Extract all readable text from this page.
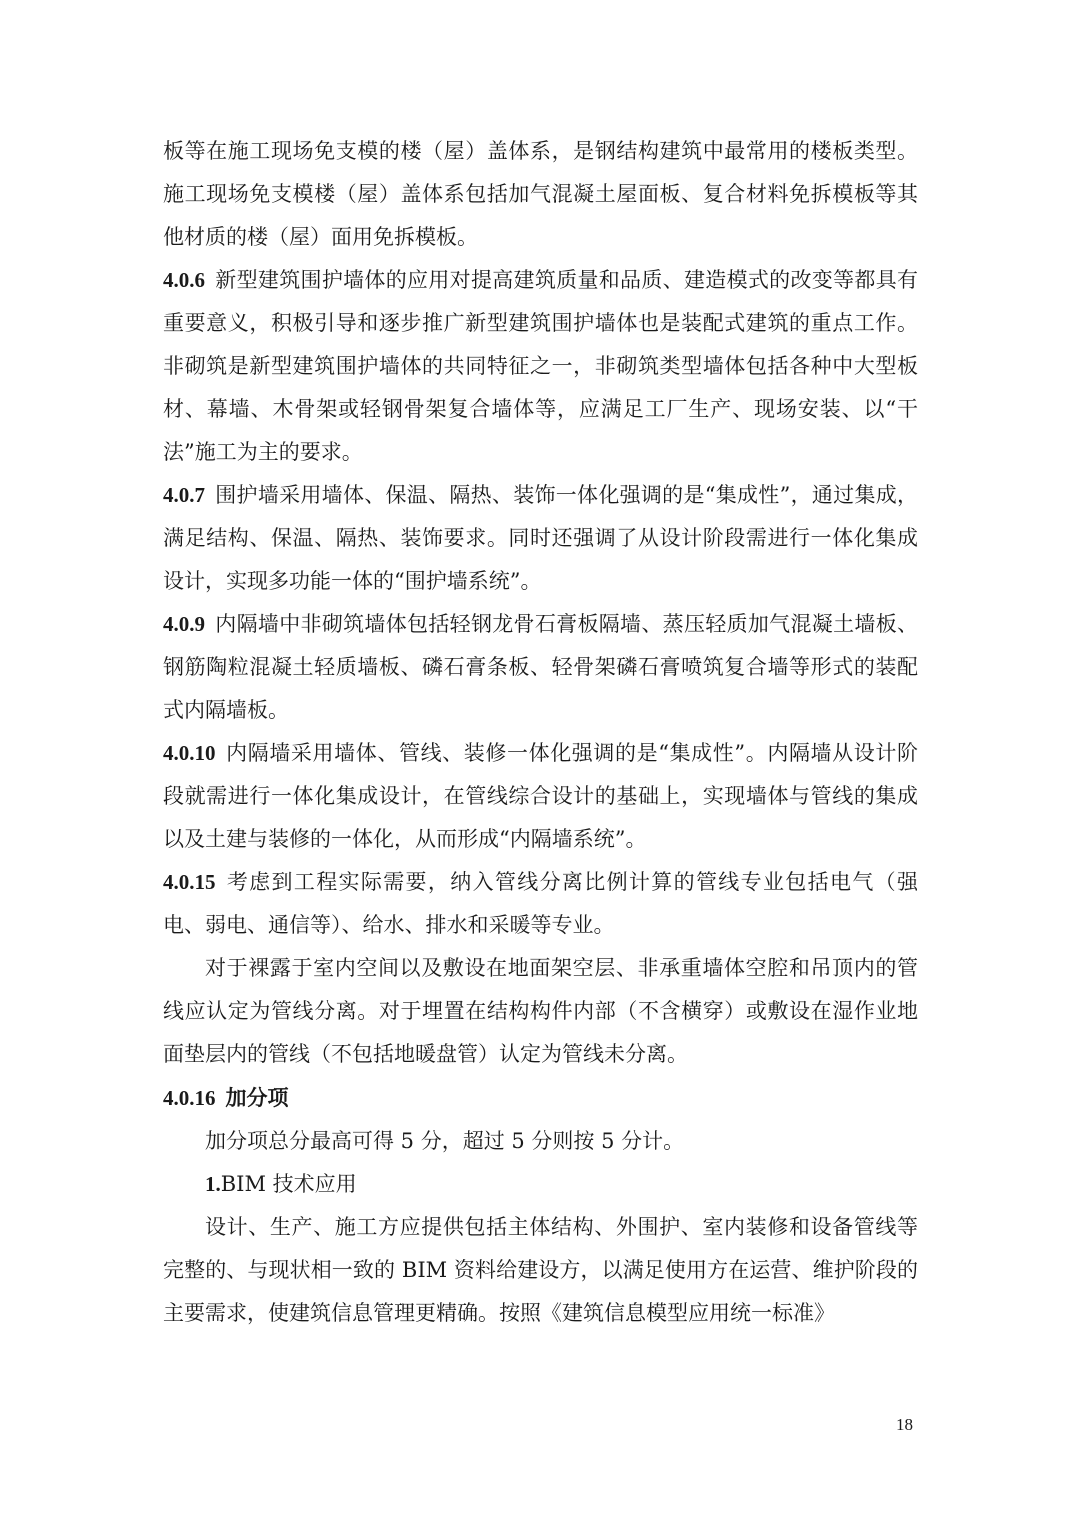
板等在施工现场免支模的楼（屋）盖体系，是钢结构建筑中最常用的楼板类型。施工现场免支模楼（屋）盖体系包括加气混凝土屋面板、复合材料免拆模板等其他材质的楼（屋）面用免拆模板。

4.0.6 新型建筑围护墙体的应用对提高建筑质量和品质、建造模式的改变等都具有重要意义，积极引导和逐步推广新型建筑围护墙体也是装配式建筑的重点工作。非砌筑是新型建筑围护墙体的共同特征之一，非砌筑类型墙体包括各种中大型板材、幕墙、木骨架或轻钢骨架复合墙体等，应满足工厂生产、现场安装、以“干法”施工为主的要求。

4.0.7 围护墙采用墙体、保温、隔热、装饰一体化强调的是“集成性”，通过集成，满足结构、保温、隔热、装饰要求。同时还强调了从设计阶段需进行一体化集成设计，实现多功能一体的“围护墙系统”。

4.0.9 内隔墙中非砌筑墙体包括轻钢龙骨石膏板隔墙、蒸压轻质加气混凝土墙板、钢筋陶粒混凝土轻质墙板、磷石膏条板、轻骨架磷石膏喷筑复合墙等形式的装配式内隔墙板。

4.0.10 内隔墙采用墙体、管线、装修一体化强调的是“集成性”。内隔墙从设计阶段就需进行一体化集成设计，在管线综合设计的基础上，实现墙体与管线的集成以及土建与装修的一体化，从而形成“内隔墙系统”。

4.0.15 考虑到工程实际需要，纳入管线分离比例计算的管线专业包括电气（强电、弱电、通信等）、给水、排水和采暖等专业。

对于裸露于室内空间以及敷设在地面架空层、非承重墙体空腔和吊顶内的管线应认定为管线分离。对于埋置在结构构件内部（不含横穿）或敷设在湿作业地面垫层内的管线（不包括地暖盘管）认定为管线未分离。

4.0.16 加分项

加分项总分最高可得 5 分，超过 5 分则按 5 分计。

1.BIM 技术应用

设计、生产、施工方应提供包括主体结构、外围护、室内装修和设备管线等完整的、与现状相一致的 BIM 资料给建设方，以满足使用方在运营、维护阶段的主要需求，使建筑信息管理更精确。按照《建筑信息模型应用统一标准》

18
